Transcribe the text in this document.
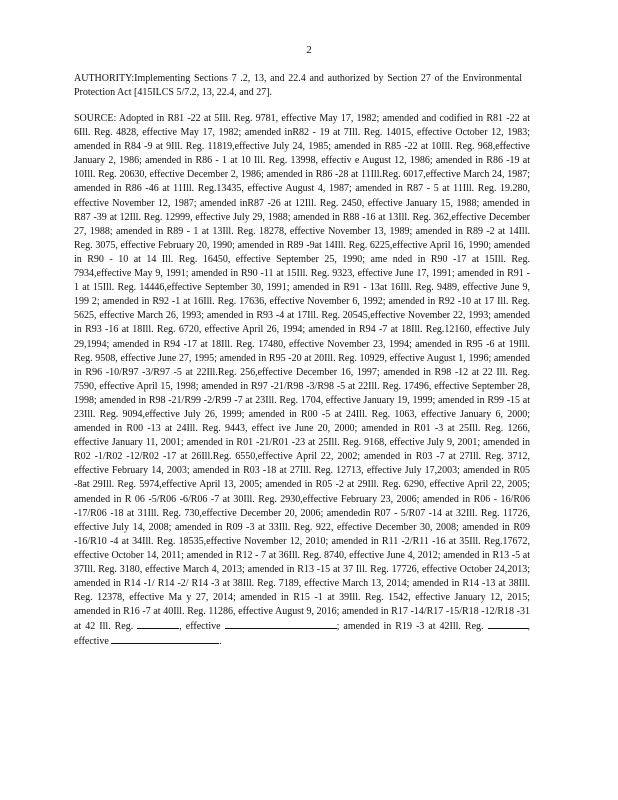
2

AUTHORITY:Implementing Sections 7 .2, 13, and 22.4 and authorized by Section 27 of the Environmental Protection Act [415ILCS 5/7.2, 13, 22.4, and 27].

SOURCE: Adopted in R81 -22 at 5Ill. Reg. 9781, effective May 17, 1982; amended and codified in R81 -22 at 6Ill. Reg. 4828, effective May 17, 1982; amended inR82 - 19 at 7Ill. Reg. 14015, effective October 12, 1983; amended in R84 -9 at 9Ill. Reg. 11819,effective July 24, 1985; amended in R85 -22 at 10Ill. Reg. 968,effective January 2, 1986; amended in R86 - 1 at 10 Ill. Reg. 13998, effectiv e August 12, 1986; amended in R86 -19 at 10Ill. Reg. 20630, effective December 2, 1986; amended in R86 -28 at 11Ill.Reg. 6017,effective March 24, 1987; amended in R86 -46 at 11Ill. Reg.13435, effective August 4, 1987; amended in R87 - 5 at 11Ill. Reg. 19.280, effective November 12, 1987; amended inR87 -26 at 12Ill. Reg. 2450, effective January 15, 1988; amended in R87 -39 at 12Ill. Reg. 12999, effective July 29, 1988; amended in R88 -16 at 13Ill. Reg. 362,effective December 27, 1988; amended in R89 - 1 at 13Ill. Reg. 18278, effective November 13, 1989; amended in R89 -2 at 14Ill. Reg. 3075, effective February 20, 1990; amended in R89 -9at 14Ill. Reg. 6225,effective April 16, 1990; amended in R90 - 10 at 14 Ill. Reg. 16450, effective September 25, 1990; ame nded in R90 -17 at 15Ill. Reg. 7934,effective May 9, 1991; amended in R90 -11 at 15Ill. Reg. 9323, effective June 17, 1991; amended in R91 - 1 at 15Ill. Reg. 14446,effective September 30, 1991; amended in R91 - 13at 16Ill. Reg. 9489, effective June 9, 199 2; amended in R92 -1 at 16Ill. Reg. 17636, effective November 6, 1992; amended in R92 -10 at 17 Ill. Reg. 5625, effective March 26, 1993; amended in R93 -4 at 17Ill. Reg. 20545,effective November 22, 1993; amended in R93 -16 at 18Ill. Reg. 6720, effective April 26, 1994; amended in R94 -7 at 18Ill. Reg.12160, effective July 29,1994; amended in R94 -17 at 18Ill. Reg. 17480, effective November 23, 1994; amended in R95 -6 at 19Ill. Reg. 9508, effective June 27, 1995; amended in R95 -20 at 20Ill. Reg. 10929, effective August 1, 1996; amended in R96 -10/R97 -3/R97 -5 at 22Ill.Reg. 256,effective December 16, 1997; amended in R98 -12 at 22 Ill. Reg. 7590, effective April 15, 1998; amended in R97 -21/R98 -3/R98 -5 at 22Ill. Reg. 17496, effective September 28, 1998; amended in R98 -21/R99 -2/R99 -7 at 23Ill. Reg. 1704, effective January 19, 1999; amended in R99 -15 at 23Ill. Reg. 9094,effective July 26, 1999; amended in R00 -5 at 24Ill. Reg. 1063, effective January 6, 2000; amended in R00 -13 at 24Ill. Reg. 9443, effect ive June 20, 2000; amended in R01 -3 at 25Ill. Reg. 1266, effective January 11, 2001; amended in R01 -21/R01 -23 at 25Ill. Reg. 9168, effective July 9, 2001; amended in R02 -1/R02 -12/R02 -17 at 26Ill.Reg. 6550,effective April 22, 2002; amended in R03 -7 at 27Ill. Reg. 3712, effective February 14, 2003; amended in R03 -18 at 27Ill. Reg. 12713, effective July 17,2003; amended in R05 -8at 29Ill. Reg. 5974,effective April 13, 2005; amended in R05 -2 at 29Ill. Reg. 6290, effective April 22, 2005; amended in R 06 -5/R06 -6/R06 -7 at 30Ill. Reg. 2930,effective February 23, 2006; amended in R06 - 16/R06 -17/R06 -18 at 31Ill. Reg. 730,effective December 20, 2006; amendedin R07 - 5/R07 -14 at 32Ill. Reg. 11726, effective July 14, 2008; amended in R09 -3 at 33Ill. Reg. 922, effective December 30, 2008; amended in R09 -16/R10 -4 at 34Ill. Reg. 18535,effective November 12, 2010; amended in R11 -2/R11 -16 at 35Ill. Reg.17672, effective October 14, 2011; amended in R12 - 7 at 36Ill. Reg. 8740, effective June 4, 2012; amended in R13 -5 at 37Ill. Reg. 3180, effective March 4, 2013; amended in R13 -15 at 37 Ill. Reg. 17726, effective October 24,2013; amended in R14 -1/ R14 -2/ R14 -3 at 38Ill. Reg. 7189, effective March 13, 2014; amended in R14 -13 at 38Ill. Reg. 12378, effective Ma y 27, 2014; amended in R15 -1 at 39Ill. Reg. 1542, effective January 12, 2015; amended in R16 -7 at 40Ill. Reg. 11286, effective August 9, 2016; amended in R17 -14/R17 -15/R18 -12/R18 -31 at 42 Ill. Reg.	, effective	; amended in R19 -3 at 42Ill. Reg.	, effective	.
